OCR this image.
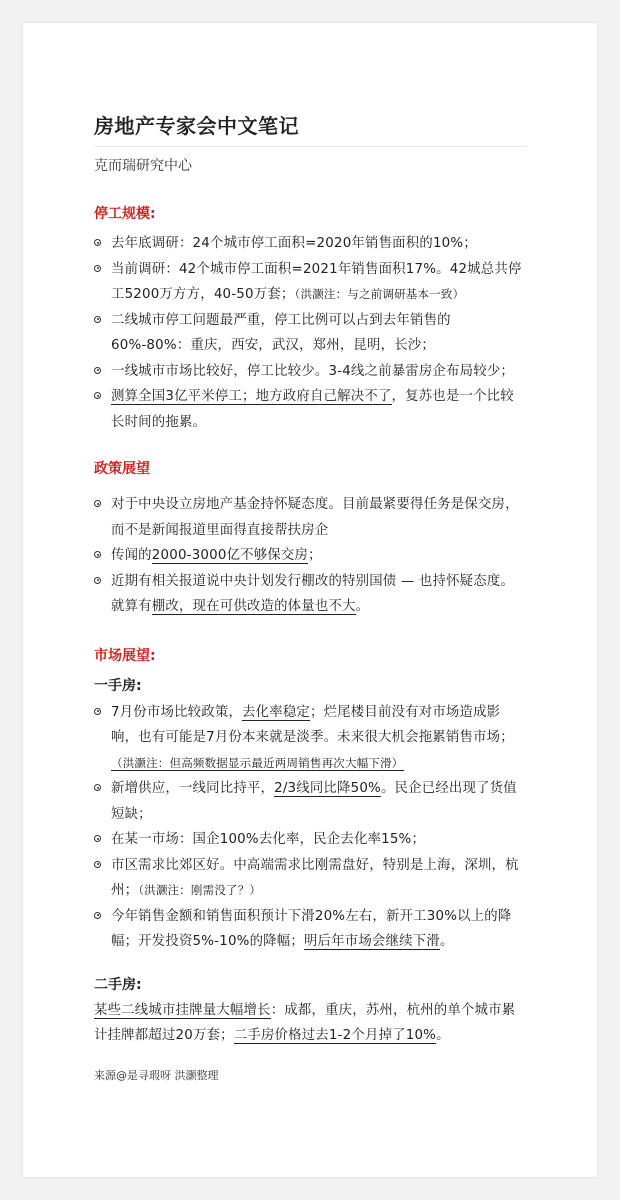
房地产专家会中文笔记
克而瑞研究中心
停工规模:
去年底调研：24个城市停工面积=2020年销售面积的10%；
当前调研：42个城市停工面积=2021年销售面积17%。42城总共停工5200万方方，40-50万套；（洪灏注：与之前调研基本一致）
二线城市停工问题最严重，停工比例可以占到去年销售的60%-80%：重庆，西安，武汉，郑州，昆明，长沙；
一线城市市场比较好，停工比较少。3-4线之前暴雷房企布局较少；
测算全国3亿平米停工；地方政府自己解决不了，复苏也是一个比较长时间的拖累。
政策展望
对于中央设立房地产基金持怀疑态度。目前最紧要得任务是保交房，而不是新闻报道里面得直接帮扶房企
传闻的2000-3000亿不够保交房；
近期有相关报道说中央计划发行棚改的特别国债 — 也持怀疑态度。就算有棚改，现在可供改造的体量也不大。
市场展望:
一手房:
7月份市场比较政策，去化率稳定；烂尾楼目前没有对市场造成影响，也有可能是7月份本来就是淡季。未来很大机会拖累销售市场；（洪灏注：但高频数据显示最近两周销售再次大幅下滑）
新增供应，一线同比持平，2/3线同比降50%。民企已经出现了货值短缺；
在某一市场：国企100%去化率，民企去化率15%；
市区需求比郊区好。中高端需求比刚需盘好，特别是上海，深圳，杭州；（洪灏注：刚需没了？）
今年销售金额和销售面积预计下滑20%左右，新开工30%以上的降幅；开发投资5%-10%的降幅；明后年市场会继续下滑。
二手房:

某些二线城市挂牌量大幅增长：成都，重庆，苏州，杭州的单个城市累计挂牌都超过20万套；二手房价格过去1-2个月掉了10%。

来源@是寻瑕呀 洪灏整理
